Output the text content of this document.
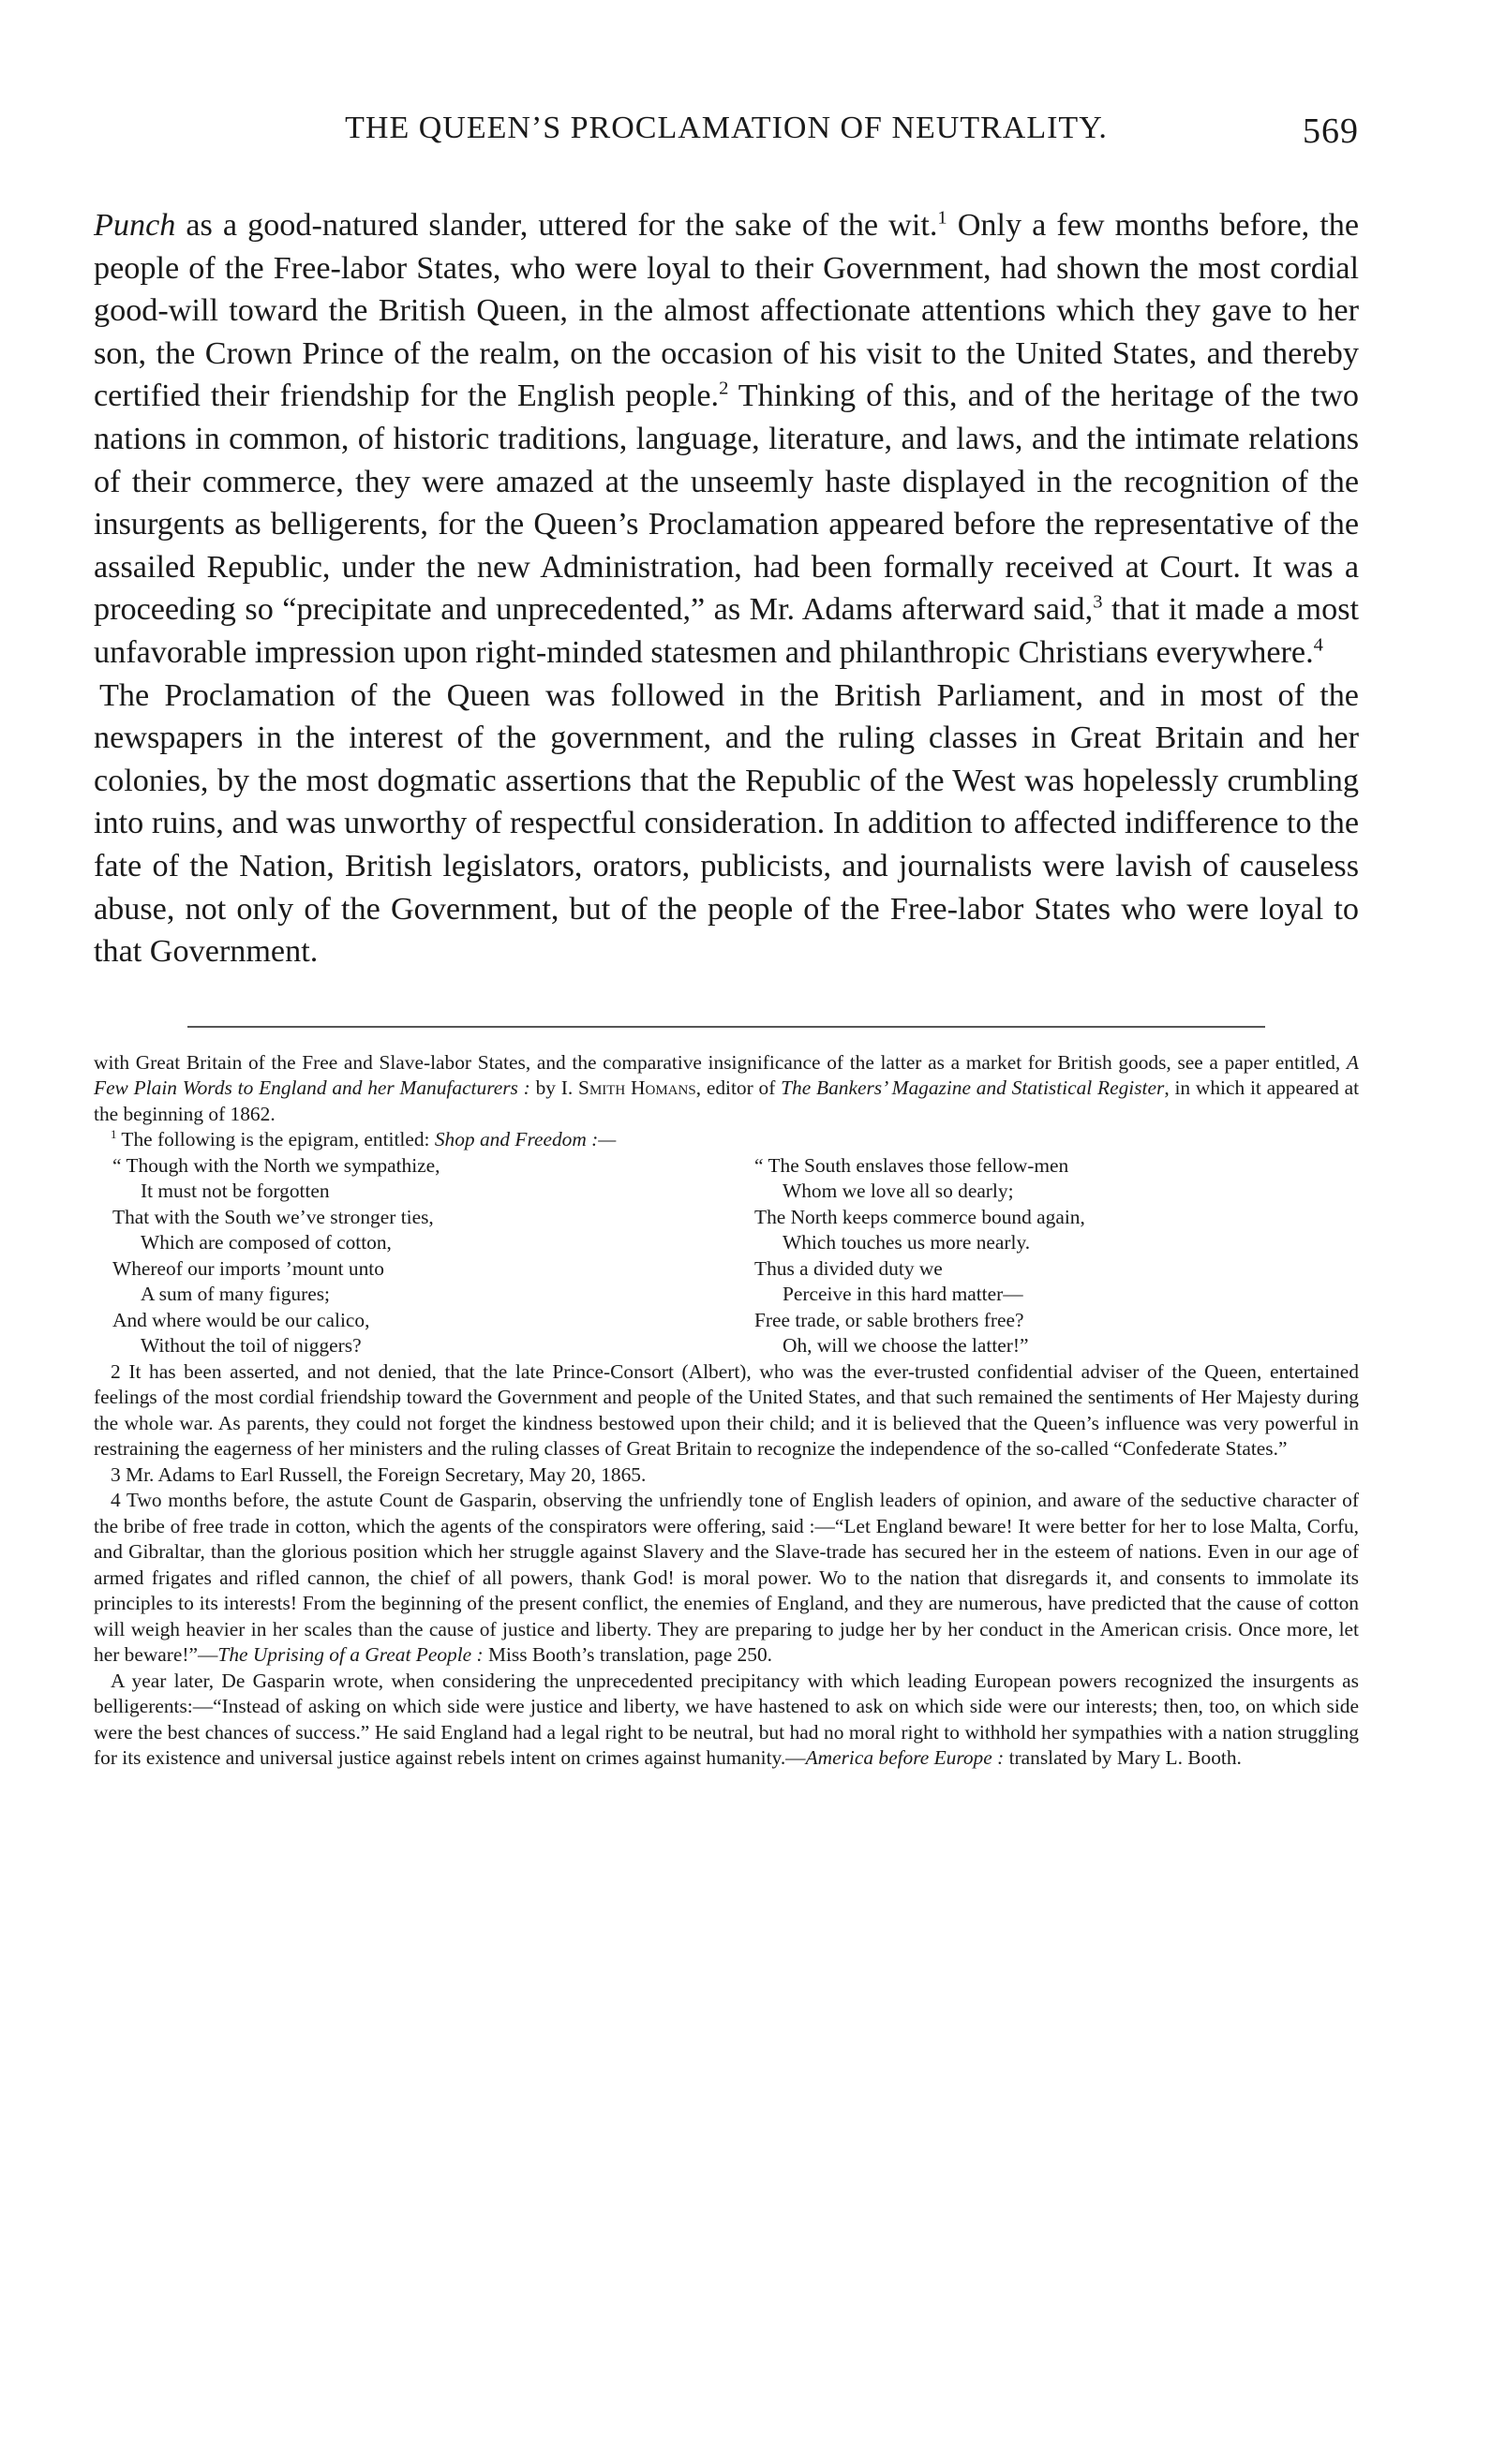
THE QUEEN’S PROCLAMATION OF NEUTRALITY.	569

Punch as a good-natured slander, uttered for the sake of the wit.$^1$ Only a few months before, the people of the Free-labor States, who were loyal to their Government, had shown the most cordial good-will toward the British Queen, in the almost affectionate attentions which they gave to her son, the Crown Prince of the realm, on the occasion of his visit to the United States, and thereby certified their friendship for the English people.$^2$ Thinking of this, and of the heritage of the two nations in common, of historic traditions, language, literature, and laws, and the intimate relations of their commerce, they were amazed at the unseemly haste displayed in the recognition of the insurgents as belligerents, for the Queen’s Proclamation appeared before the representative of the assailed Republic, under the new Administration, had been formally received at Court. It was a proceeding so “precipitate and unprecedented,” as Mr. Adams afterward said,$^3$ that it made a most unfavorable impression upon right-minded statesmen and philanthropic Christians everywhere.$^4$

The Proclamation of the Queen was followed in the British Parliament, and in most of the newspapers in the interest of the government, and the ruling classes in Great Britain and her colonies, by the most dogmatic assertions that the Republic of the West was hopelessly crumbling into ruins, and was unworthy of respectful consideration. In addition to affected indifference to the fate of the Nation, British legislators, orators, publicists, and journalists were lavish of causeless abuse, not only of the Government, but of the people of the Free-labor States who were loyal to that Government.

with Great Britain of the Free and Slave-labor States, and the comparative insignificance of the latter as a market for British goods, see a paper entitled, A Few Plain Words to England and her Manufacturers : by I. Smith Homans, editor of The Bankers’ Magazine and Statistical Register, in which it appeared at the beginning of 1862.

$^1$ The following is the epigram, entitled: Shop and Freedom :—

“ Though with the North we sympathize,
It must not be forgotten
That with the South we’ve stronger ties,
Which are composed of cotton,
Whereof our imports ’mount unto
A sum of many figures;
And where would be our calico,
Without the toil of niggers?
“ The South enslaves those fellow-men
Whom we love all so dearly;
The North keeps commerce bound again,
Which touches us more nearly.
Thus a divided duty we
Perceive in this hard matter—
Free trade, or sable brothers free?
Oh, will we choose the latter!”

2 It has been asserted, and not denied, that the late Prince-Consort (Albert), who was the ever-trusted confidential adviser of the Queen, entertained feelings of the most cordial friendship toward the Government and people of the United States, and that such remained the sentiments of Her Majesty during the whole war. As parents, they could not forget the kindness bestowed upon their child; and it is believed that the Queen’s influence was very powerful in restraining the eagerness of her ministers and the ruling classes of Great Britain to recognize the independence of the so-called “Confederate States.”

3 Mr. Adams to Earl Russell, the Foreign Secretary, May 20, 1865.

4 Two months before, the astute Count de Gasparin, observing the unfriendly tone of English leaders of opinion, and aware of the seductive character of the bribe of free trade in cotton, which the agents of the conspirators were offering, said :—“Let England beware! It were better for her to lose Malta, Corfu, and Gibraltar, than the glorious position which her struggle against Slavery and the Slave-trade has secured her in the esteem of nations. Even in our age of armed frigates and rifled cannon, the chief of all powers, thank God! is moral power. Wo to the nation that disregards it, and consents to immolate its principles to its interests! From the beginning of the present conflict, the enemies of England, and they are numerous, have predicted that the cause of cotton will weigh heavier in her scales than the cause of justice and liberty. They are preparing to judge her by her conduct in the American crisis. Once more, let her beware!”—The Uprising of a Great People : Miss Booth’s translation, page 250.

A year later, De Gasparin wrote, when considering the unprecedented precipitancy with which leading European powers recognized the insurgents as belligerents:—“Instead of asking on which side were justice and liberty, we have hastened to ask on which side were our interests; then, too, on which side were the best chances of success.” He said England had a legal right to be neutral, but had no moral right to withhold her sympathies with a nation struggling for its existence and universal justice against rebels intent on crimes against humanity.—America before Europe : translated by Mary L. Booth.
